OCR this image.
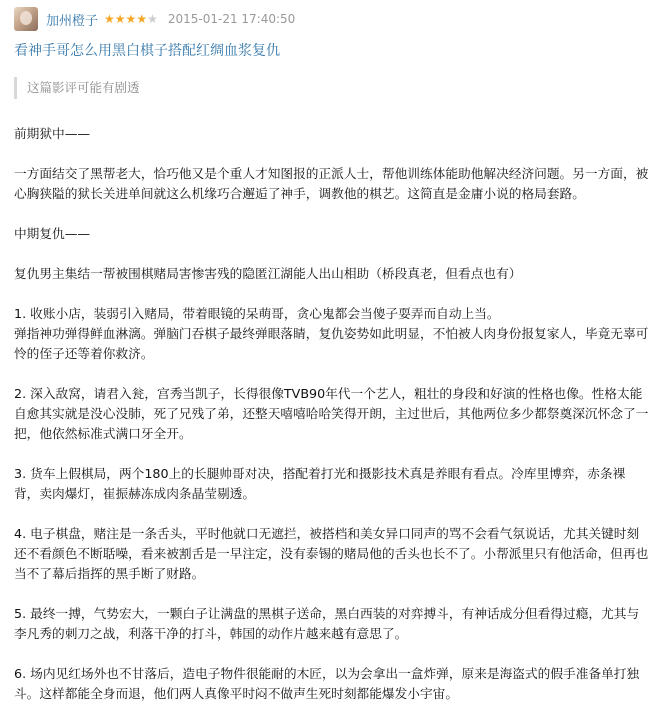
加州橙子 ★★★★★ 2015-01-21 17:40:50
看神手哥怎么用黑白棋子搭配红绸血浆复仇
这篇影评可能有剧透

前期狱中——

一方面结交了黑帮老大，恰巧他又是个重人才知图报的正派人士，帮他训练体能助他解决经济问题。另一方面，被心胸狭隘的狱长关进单间就这么机缘巧合邂逅了神手，调教他的棋艺。这简直是金庸小说的格局套路。

中期复仇——

复仇男主集结一帮被围棋赌局害惨害残的隐匿江湖能人出山相助（桥段真老，但看点也有）

1. 收账小店，装弱引入赌局，带着眼镜的呆萌哥，贪心鬼都会当傻子耍弄而自动上当。
弹指神功弹得鲜血淋漓。弹脑门吞棋子最终弹眼落睛，复仇姿势如此明显，不怕被人肉身份报复家人，毕竟无辜可怜的侄子还等着你救济。

2. 深入敌窝，请君入瓮，宫秀当凯子，长得很像TVB90年代一个艺人，粗壮的身段和好演的性格也像。性格太能自愈其实就是没心没肺，死了兄残了弟，还整天嘻嘻哈哈笑得开朗，主过世后，其他两位多少都祭奠深沉怀念了一把，他依然标准式满口牙全开。

3. 货车上假棋局，两个180上的长腿帅哥对决，搭配着打光和摄影技术真是养眼有看点。冷库里博弈，赤条裸背，卖肉爆灯，崔振赫冻成肉条晶莹剔透。

4. 电子棋盘，赌注是一条舌头，平时他就口无遮拦，被搭档和美女异口同声的骂不会看气氛说话，尤其关键时刻还不看颜色不断聒噪，看来被割舌是一早注定，没有泰锡的赌局他的舌头也长不了。小帮派里只有他活命，但再也当不了幕后指挥的黑手断了财路。

5. 最终一搏，气势宏大，一颗白子让满盘的黑棋子送命，黑白西装的对弈搏斗，有神话成分但看得过瘾，尤其与李凡秀的刺刀之战，利落干净的打斗，韩国的动作片越来越有意思了。

6. 场内见红场外也不甘落后，造电子物件很能耐的木匠，以为会拿出一盒炸弹，原来是海盗式的假手准备单打独斗。这样都能全身而退，他们两人真像平时闷不做声生死时刻都能爆发小宇宙。
